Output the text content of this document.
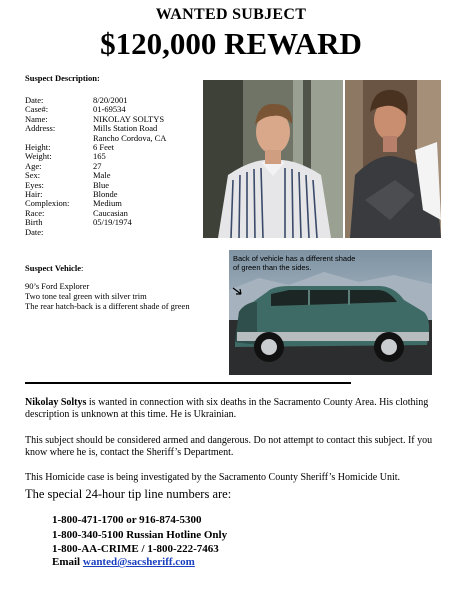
WANTED SUBJECT
$120,000 REWARD
Suspect Description:
Date:	8/20/2001
Case#:	01-69534
Name:	NIKOLAY SOLTYS
Address:	Mills Station Road
Rancho Cordova, CA
Height:	6 Feet
Weight:	165
Age:	27
Sex:	Male
Eyes:	Blue
Hair:	Blonde
Complexion:	Medium
Race:	Caucasian
Birth Date:
05/19/1974
Suspect Vehicle:
90’s Ford Explorer
Two tone teal green with silver trim
The rear hatch-back is a different shade of green
Back of vehicle has a different shade of green than the sides.
Nikolay Soltys is wanted in connection with six deaths in the Sacramento County Area. His clothing description is unknown at this time. He is Ukrainian.
This subject should be considered armed and dangerous. Do not attempt to contact this subject. If you know where he is, contact the Sheriff’s Department.
This Homicide case is being investigated by the Sacramento County Sheriff’s Homicide Unit.
The special 24-hour tip line numbers are:
1-800-471-1700 or 916-874-5300
1-800-340-5100 Russian Hotline Only
1-800-AA-CRIME / 1-800-222-7463
Email wanted@sacsheriff.com
